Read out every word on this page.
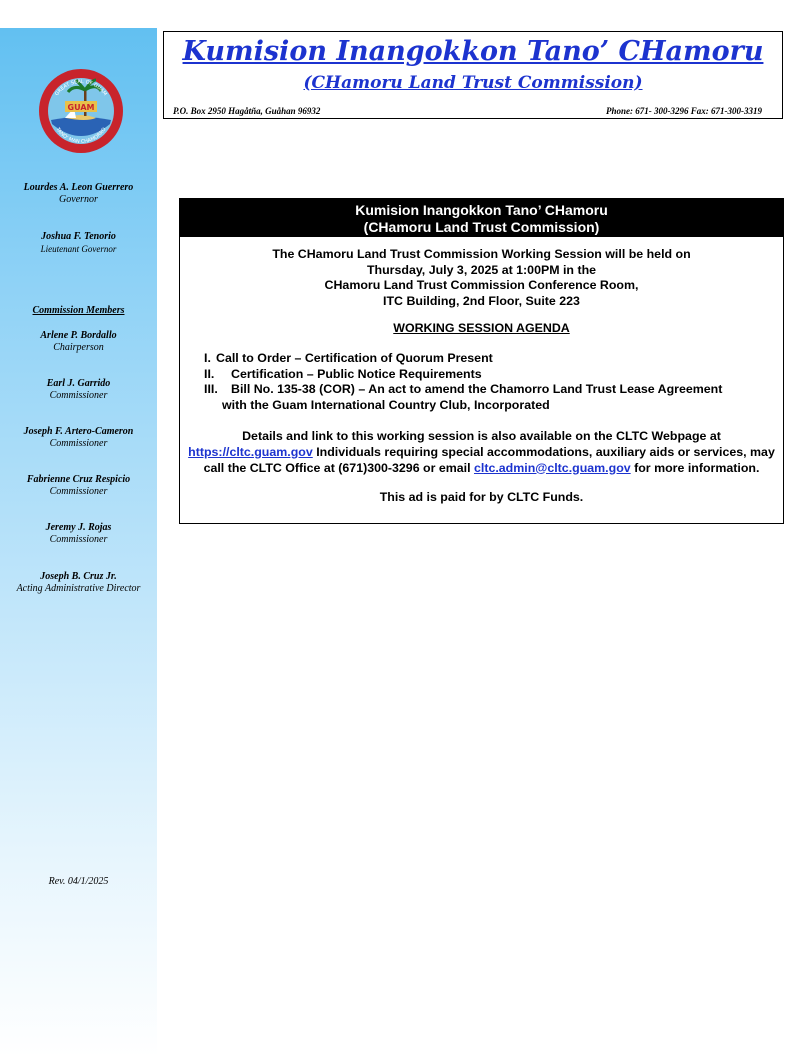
GUAM
GREAT SEAL OF GUAM
TANO' MAN CHAMORRO
Lourdes A. Leon Guerrero
Governor
Joshua F. Tenorio
Lieutenant Governor
Commission Members
Arlene P. Bordallo
Chairperson
Earl J. Garrido
Commissioner
Joseph F. Artero-Cameron
Commissioner
Fabrienne Cruz Respicio
Commissioner
Jeremy J. Rojas
Commissioner
Joseph B. Cruz Jr.
Acting Administrative Director
Rev. 04/1/2025
Kumision Inangokkon Tano’ CHamoru
(CHamoru Land Trust Commission)
P.O. Box 2950 Hagåtña, Guåhan 96932	Phone: 671- 300-3296 Fax: 671-300-3319
Kumision Inangokkon Tano’ CHamoru
(CHamoru Land Trust Commission)
The CHamoru Land Trust Commission Working Session will be held on
Thursday, July 3, 2025 at 1:00PM in the
CHamoru Land Trust Commission Conference Room,
ITC Building, 2nd Floor, Suite 223
WORKING SESSION AGENDA
I. Call to Order – Certification of Quorum Present
II. Certification – Public Notice Requirements
III. Bill No. 135-38 (COR) – An act to amend the Chamorro Land Trust Lease Agreement
with the Guam International Country Club, Incorporated
Details and link to this working session is also available on the CLTC Webpage at https://cltc.guam.gov Individuals requiring special accommodations, auxiliary aids or services, may call the CLTC Office at (671)300-3296 or email cltc.admin@cltc.guam.gov for more information.
This ad is paid for by CLTC Funds.
